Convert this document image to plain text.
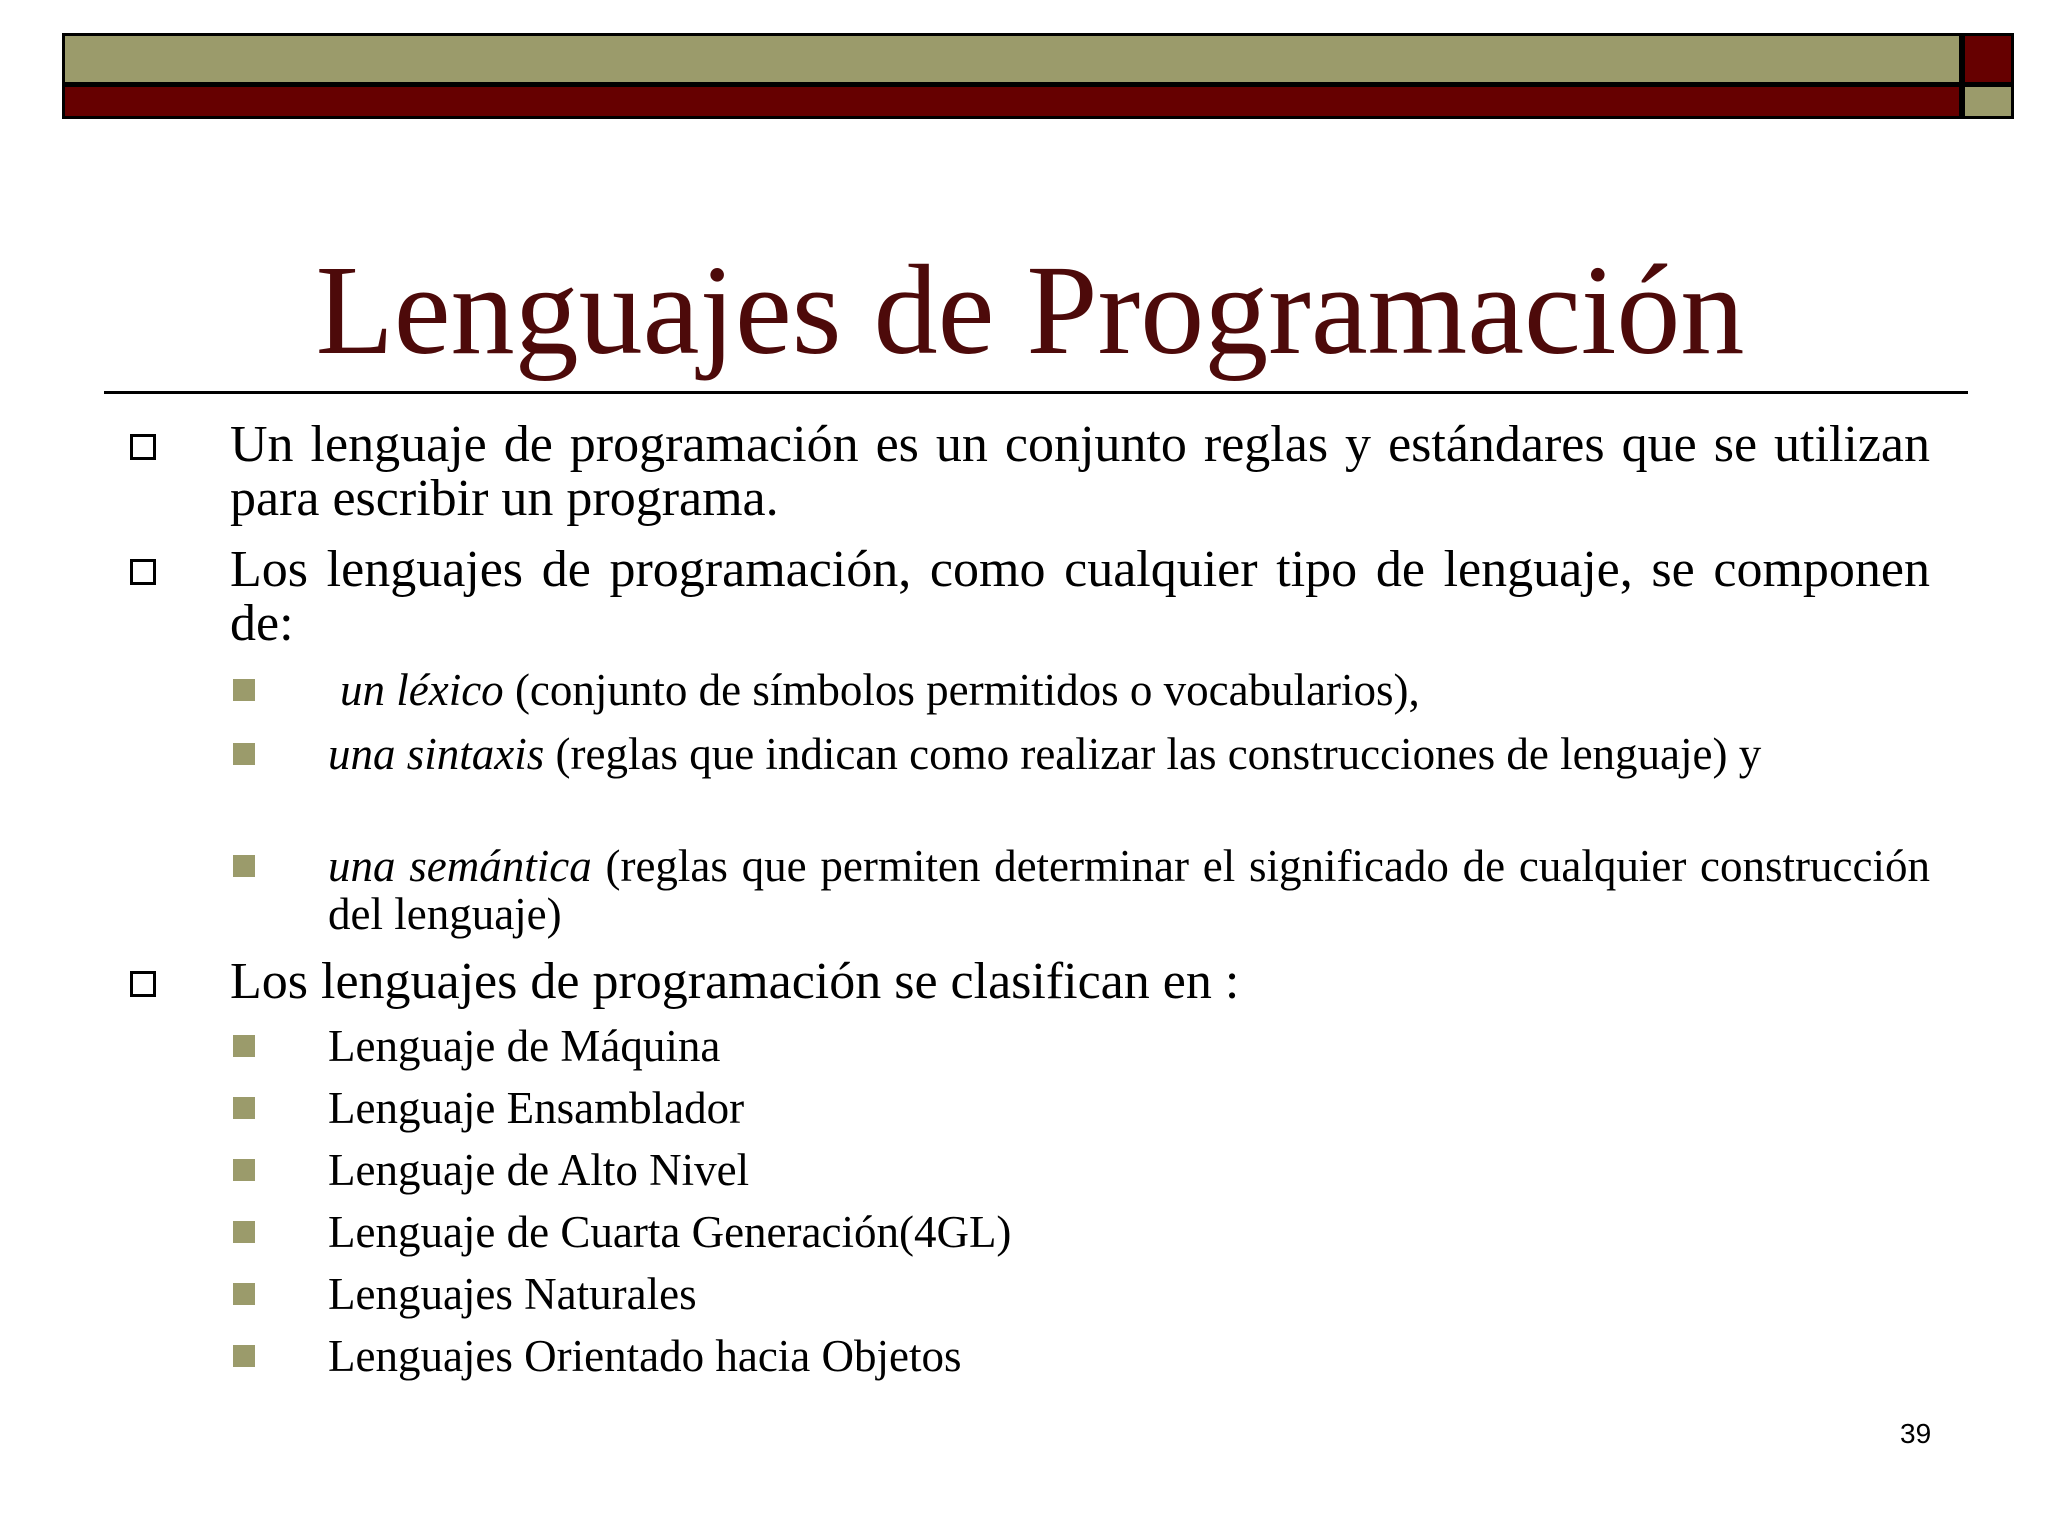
Lenguajes de Programación
Un lenguaje de programación es un conjunto reglas y estándares que se utilizan para escribir un programa.
Los lenguajes de programación, como cualquier tipo de lenguaje, se componen de:
un léxico (conjunto de símbolos permitidos o vocabularios),
una sintaxis (reglas que indican como realizar las construcciones de lenguaje) y
una semántica (reglas que permiten determinar el significado de cualquier construcción del lenguaje)
Los lenguajes de programación se clasifican en :
Lenguaje de Máquina
Lenguaje Ensamblador
Lenguaje de Alto Nivel
Lenguaje de Cuarta Generación(4GL)
Lenguajes Naturales
Lenguajes Orientado hacia Objetos
39
